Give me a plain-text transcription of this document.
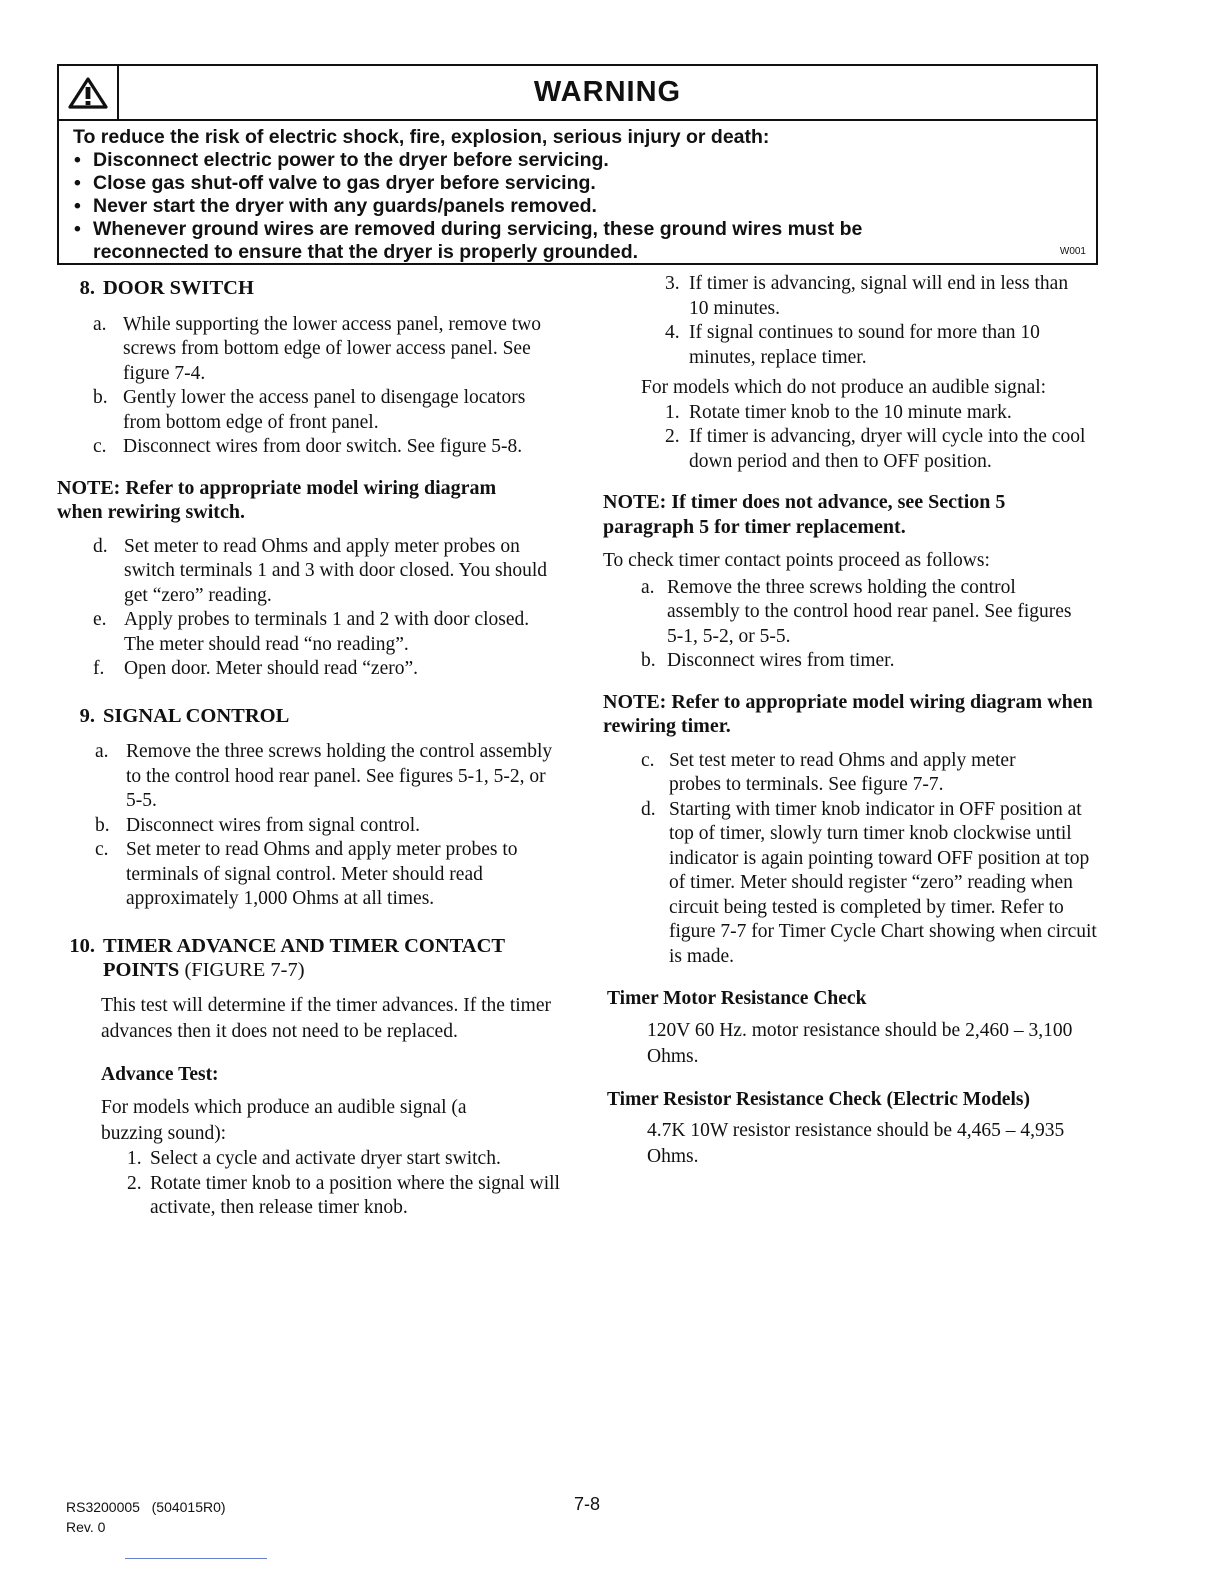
WARNING

To reduce the risk of electric shock, fire, explosion, serious injury or death:

• Disconnect electric power to the dryer before servicing.
• Close gas shut-off valve to gas dryer before servicing.
• Never start the dryer with any guards/panels removed.
• Whenever ground wires are removed during servicing, these ground wires must be reconnected to ensure that the dryer is properly grounded.	W001
8. DOOR SWITCH
a. While supporting the lower access panel, remove two screws from bottom edge of lower access panel. See figure 7-4.
b. Gently lower the access panel to disengage locators from bottom edge of front panel.
c. Disconnect wires from door switch. See figure 5-8.

NOTE: Refer to appropriate model wiring diagram when rewiring switch.

d. Set meter to read Ohms and apply meter probes on switch terminals 1 and 3 with door closed. You should get “zero” reading.
e. Apply probes to terminals 1 and 2 with door closed. The meter should read “no reading”.
f.	Open door. Meter should read “zero”.
9. SIGNAL CONTROL
a. Remove the three screws holding the control assembly to the control hood rear panel. See figures 5-1, 5-2, or 5-5.
b. Disconnect wires from signal control.
c. Set meter to read Ohms and apply meter probes to terminals of signal control. Meter should read approximately 1,000 Ohms at all times.
10. TIMER ADVANCE AND TIMER CONTACT POINTS (FIGURE 7-7)

This test will determine if the timer advances. If the timer advances then it does not need to be replaced.

Advance Test:

For models which produce an audible signal (a buzzing sound):

1. Select a cycle and activate dryer start switch.
2. Rotate timer knob to a position where the signal will activate, then release timer knob.
3. If timer is advancing, signal will end in less than 10 minutes.
4. If signal continues to sound for more than 10 minutes, replace timer.

For models which do not produce an audible signal:

1. Rotate timer knob to the 10 minute mark.
2. If timer is advancing, dryer will cycle into the cool down period and then to OFF position.

NOTE: If timer does not advance, see Section 5 paragraph 5 for timer replacement.

To check timer contact points proceed as follows:

a. Remove the three screws holding the control assembly to the control hood rear panel. See figures 5-1, 5-2, or 5-5.
b. Disconnect wires from timer.

NOTE: Refer to appropriate model wiring diagram when rewiring timer.

c. Set test meter to read Ohms and apply meter probes to terminals. See figure 7-7.
d. Starting with timer knob indicator in OFF position at top of timer, slowly turn timer knob clockwise until indicator is again pointing toward OFF position at top of timer. Meter should register “zero” reading when circuit being tested is completed by timer. Refer to figure 7-7 for Timer Cycle Chart showing when circuit is made.

Timer Motor Resistance Check

120V 60 Hz. motor resistance should be 2,460 – 3,100 Ohms.

Timer Resistor Resistance Check (Electric Models)

4.7K 10W resistor resistance should be 4,465 – 4,935 Ohms.

RS3200005   (504015R0)
Rev. 0
7-8
